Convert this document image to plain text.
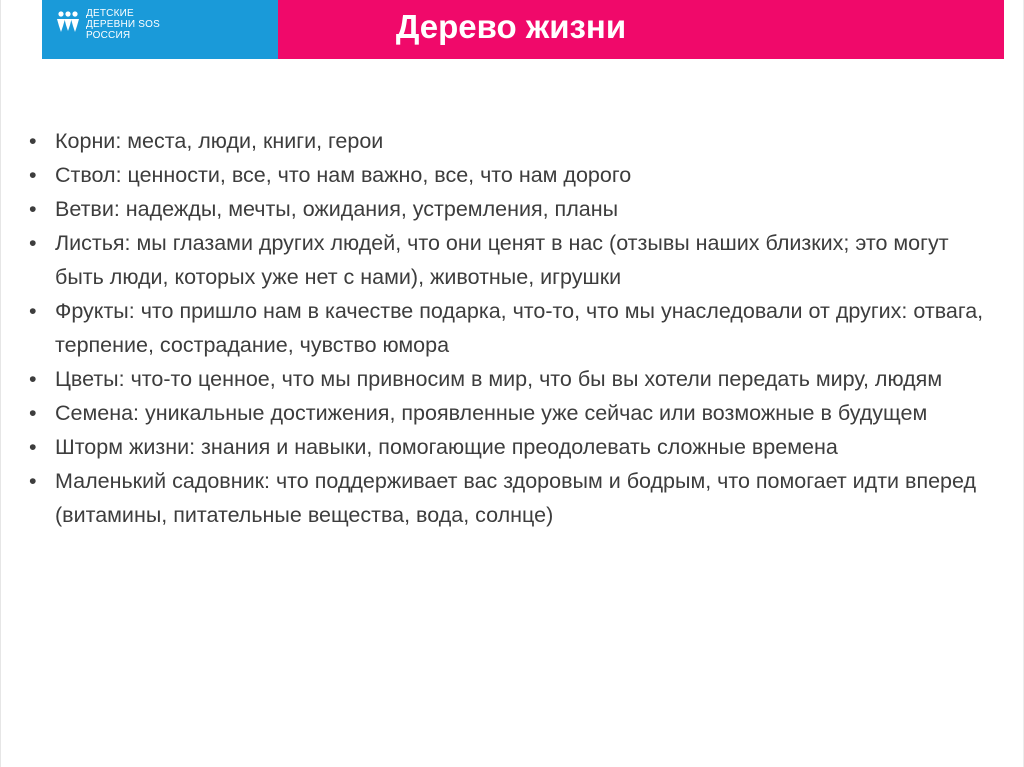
ДЕТСКИЕ
ДЕРЕВНИ SOS
РОССИЯ	Дерево жизни
• Корни: места, люди, книги, герои
• Ствол: ценности, все, что нам важно, все, что нам дорого
• Ветви: надежды, мечты, ожидания, устремления, планы
• Листья: мы глазами других людей, что они ценят в нас (отзывы наших близких; это могут быть люди, которых уже нет с нами), животные, игрушки
• Фрукты: что пришло нам в качестве подарка, что-то, что мы унаследовали от других: отвага, терпение, сострадание, чувство юмора
• Цветы: что-то ценное, что мы привносим в мир, что бы вы хотели передать миру, людям
• Семена: уникальные достижения, проявленные уже сейчас или возможные в будущем
• Шторм жизни: знания и навыки, помогающие преодолевать сложные времена
• Маленький садовник: что поддерживает вас здоровым и бодрым, что помогает идти вперед (витамины, питательные вещества, вода, солнце)
